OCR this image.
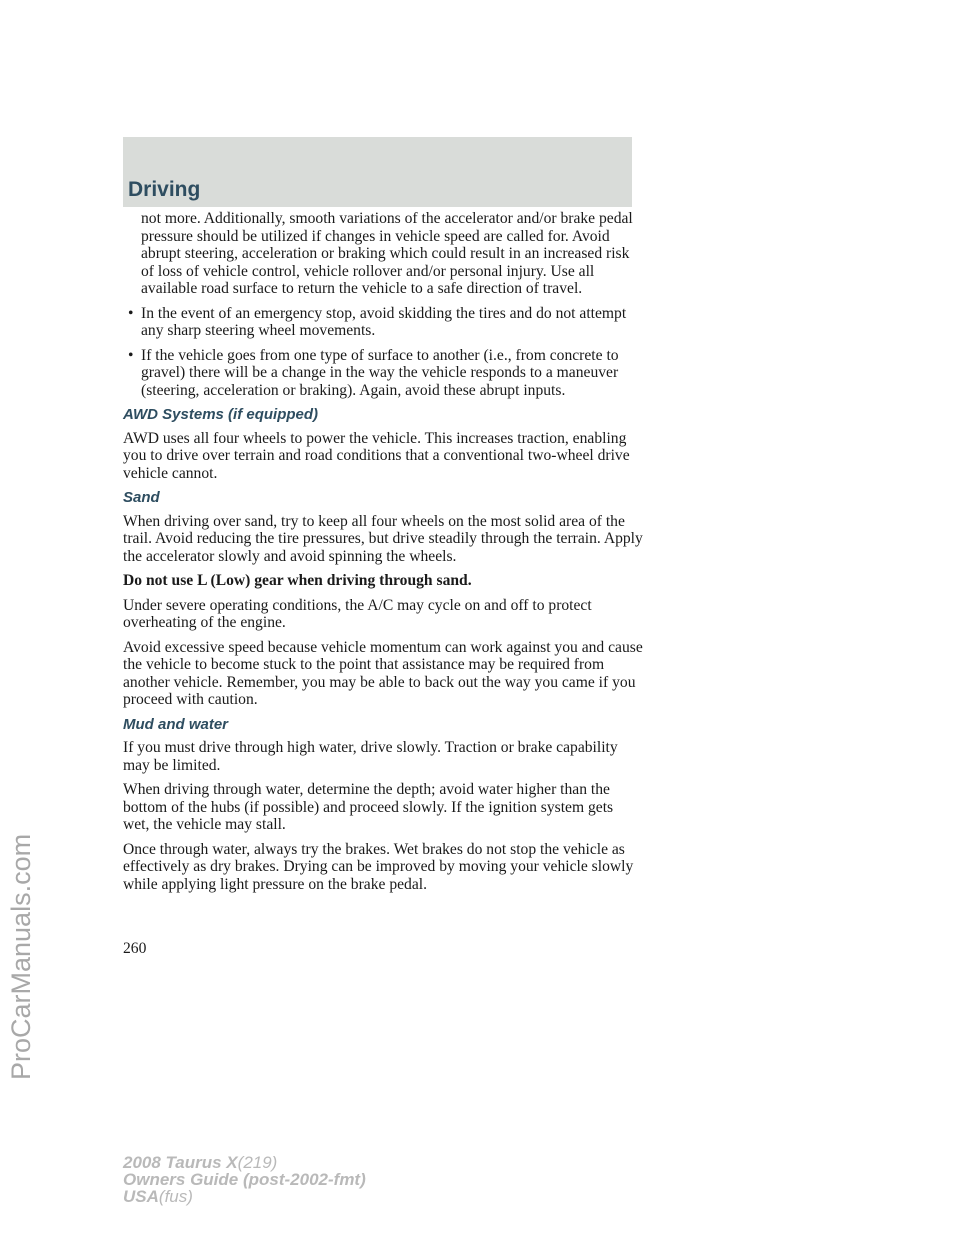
ProCarManuals.com
Driving

not more. Additionally, smooth variations of the accelerator and/or brake pedal pressure should be utilized if changes in vehicle speed are called for. Avoid abrupt steering, acceleration or braking which could result in an increased risk of loss of vehicle control, vehicle rollover and/or personal injury. Use all available road surface to return the vehicle to a safe direction of travel.

• In the event of an emergency stop, avoid skidding the tires and do not attempt any sharp steering wheel movements.
• If the vehicle goes from one type of surface to another (i.e., from concrete to gravel) there will be a change in the way the vehicle responds to a maneuver (steering, acceleration or braking). Again, avoid these abrupt inputs.
AWD Systems (if equipped)

AWD uses all four wheels to power the vehicle. This increases traction, enabling you to drive over terrain and road conditions that a conventional two-wheel drive vehicle cannot.

Sand

When driving over sand, try to keep all four wheels on the most solid area of the trail. Avoid reducing the tire pressures, but drive steadily through the terrain. Apply the accelerator slowly and avoid spinning the wheels.

Do not use L (Low) gear when driving through sand.

Under severe operating conditions, the A/C may cycle on and off to protect overheating of the engine.

Avoid excessive speed because vehicle momentum can work against you and cause the vehicle to become stuck to the point that assistance may be required from another vehicle. Remember, you may be able to back out the way you came if you proceed with caution.

Mud and water

If you must drive through high water, drive slowly. Traction or brake capability may be limited.

When driving through water, determine the depth; avoid water higher than the bottom of the hubs (if possible) and proceed slowly. If the ignition system gets wet, the vehicle may stall.

Once through water, always try the brakes. Wet brakes do not stop the vehicle as effectively as dry brakes. Drying can be improved by moving your vehicle slowly while applying light pressure on the brake pedal.

260
2008 Taurus X(219)
Owners Guide (post-2002-fmt)
USA(fus)
